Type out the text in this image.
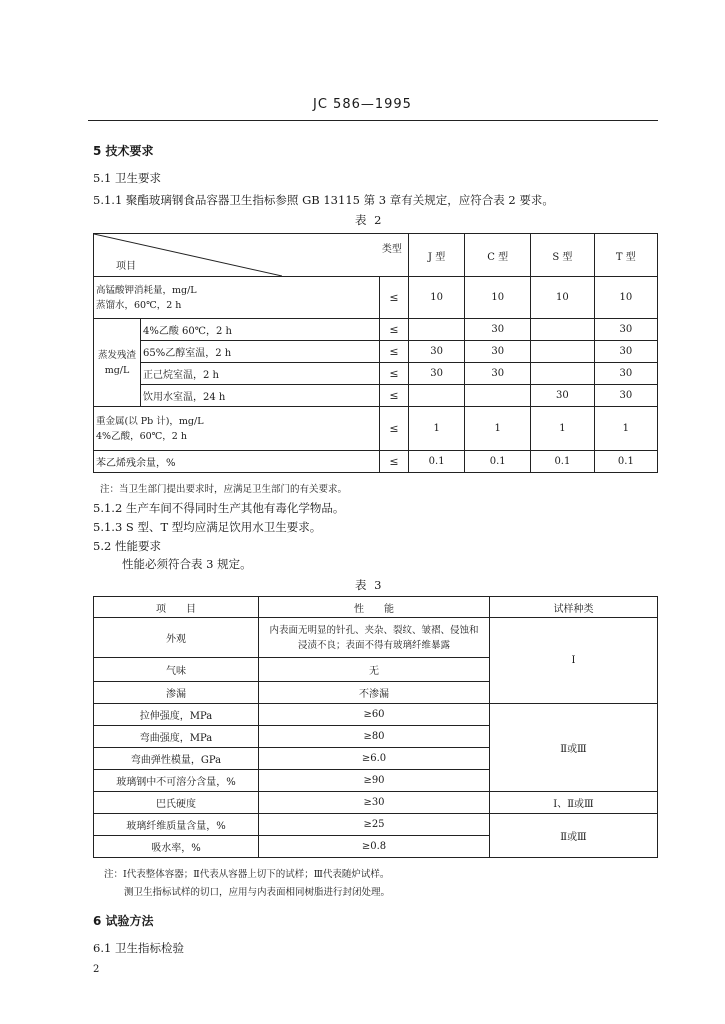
JC 586—1995
5 技术要求
5.1 卫生要求
5.1.1 聚酯玻璃钢食品容器卫生指标参照 GB 13115 第 3 章有关规定，应符合表 2 要求。
表 2
类型
项目			J 型	C 型	S 型	T 型

高锰酸钾消耗量，mg/L
蒸馏水，60℃，2 h		≤	10	10	10	10

蒸发残渣
mg/L	4%乙酸 60℃，2 h	≤		30		30
	65%乙醇室温，2 h	≤	30	30		30
	正己烷室温，2 h	≤	30	30		30
	饮用水室温，24 h	≤			30	30

重金属(以 Pb 计)，mg/L
4%乙酸，60℃，2 h		≤	1	1	1	1
苯乙烯残余量，%		≤	0.1	0.1	0.1	0.1
注：当卫生部门提出要求时，应满足卫生部门的有关要求。
5.1.2 生产车间不得同时生产其他有毒化学物品。
5.1.3 S 型、T 型均应满足饮用水卫生要求。
5.2 性能要求
性能必须符合表 3 规定。
表 3
项　　目	性　　能	试样种类
外观	内表面无明显的针孔、夹杂、裂纹、皱褶、侵蚀和浸渍不良；表面不得有玻璃纤维暴露	Ⅰ
气味	无	
渗漏	不渗漏	
拉伸强度，MPa	≥60	Ⅱ或Ⅲ
弯曲强度，MPa	≥80	
弯曲弹性模量，GPa	≥6.0	
玻璃钢中不可溶分含量，%	≥90	
巴氏硬度	≥30	Ⅰ、Ⅱ或Ⅲ
玻璃纤维质量含量，%	≥25	Ⅱ或Ⅲ
吸水率，%	≥0.8	
注：Ⅰ代表整体容器；Ⅱ代表从容器上切下的试样；Ⅲ代表随炉试样。
测卫生指标试样的切口，应用与内表面相同树脂进行封闭处理。
6 试验方法
6.1 卫生指标检验
2
